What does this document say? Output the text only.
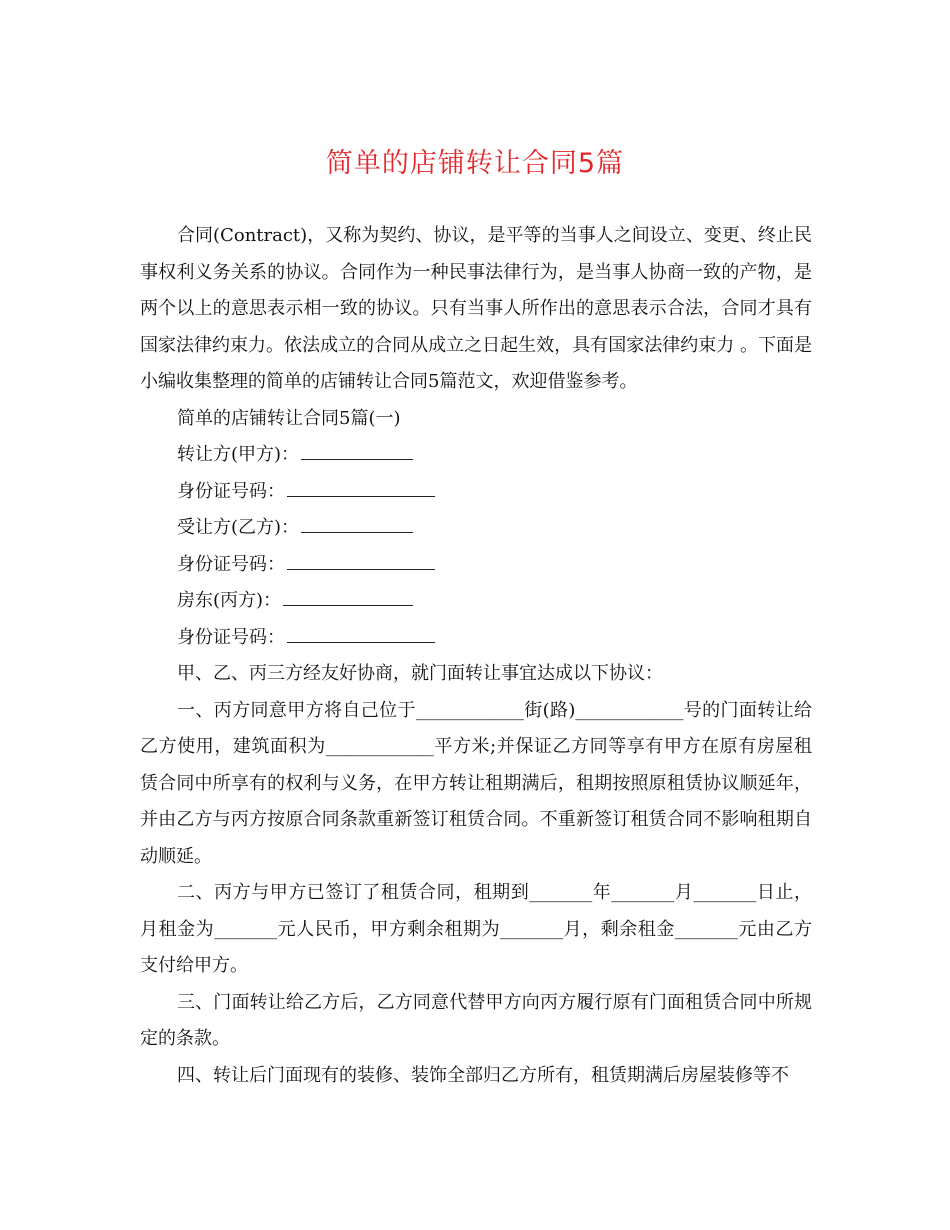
简单的店铺转让合同5篇

合同(Contract)，又称为契约、协议，是平等的当事人之间设立、变更、终止民事权利义务关系的协议。合同作为一种民事法律行为，是当事人协商一致的产物，是两个以上的意思表示相一致的协议。只有当事人所作出的意思表示合法，合同才具有国家法律约束力。依法成立的合同从成立之日起生效，具有国家法律约束力 。下面是小编收集整理的简单的店铺转让合同5篇范文，欢迎借鉴参考。

简单的店铺转让合同5篇(一)

转让方(甲方)：

身份证号码：

受让方(乙方)：

身份证号码：

房东(丙方)：

身份证号码：

甲、乙、丙三方经友好协商，就门面转让事宜达成以下协议：

一、丙方同意甲方将自己位于____________街(路)____________号的门面转让给乙方使用，建筑面积为____________平方米;并保证乙方同等享有甲方在原有房屋租赁合同中所享有的权利与义务，在甲方转让租期满后，租期按照原租赁协议顺延年，并由乙方与丙方按原合同条款重新签订租赁合同。不重新签订租赁合同不影响租期自动顺延。

二、丙方与甲方已签订了租赁合同，租期到_______年_______月_______日止，月租金为_______元人民币，甲方剩余租期为_______月，剩余租金_______元由乙方支付给甲方。

三、门面转让给乙方后，乙方同意代替甲方向丙方履行原有门面租赁合同中所规定的条款。

四、转让后门面现有的装修、装饰全部归乙方所有，租赁期满后房屋装修等不
